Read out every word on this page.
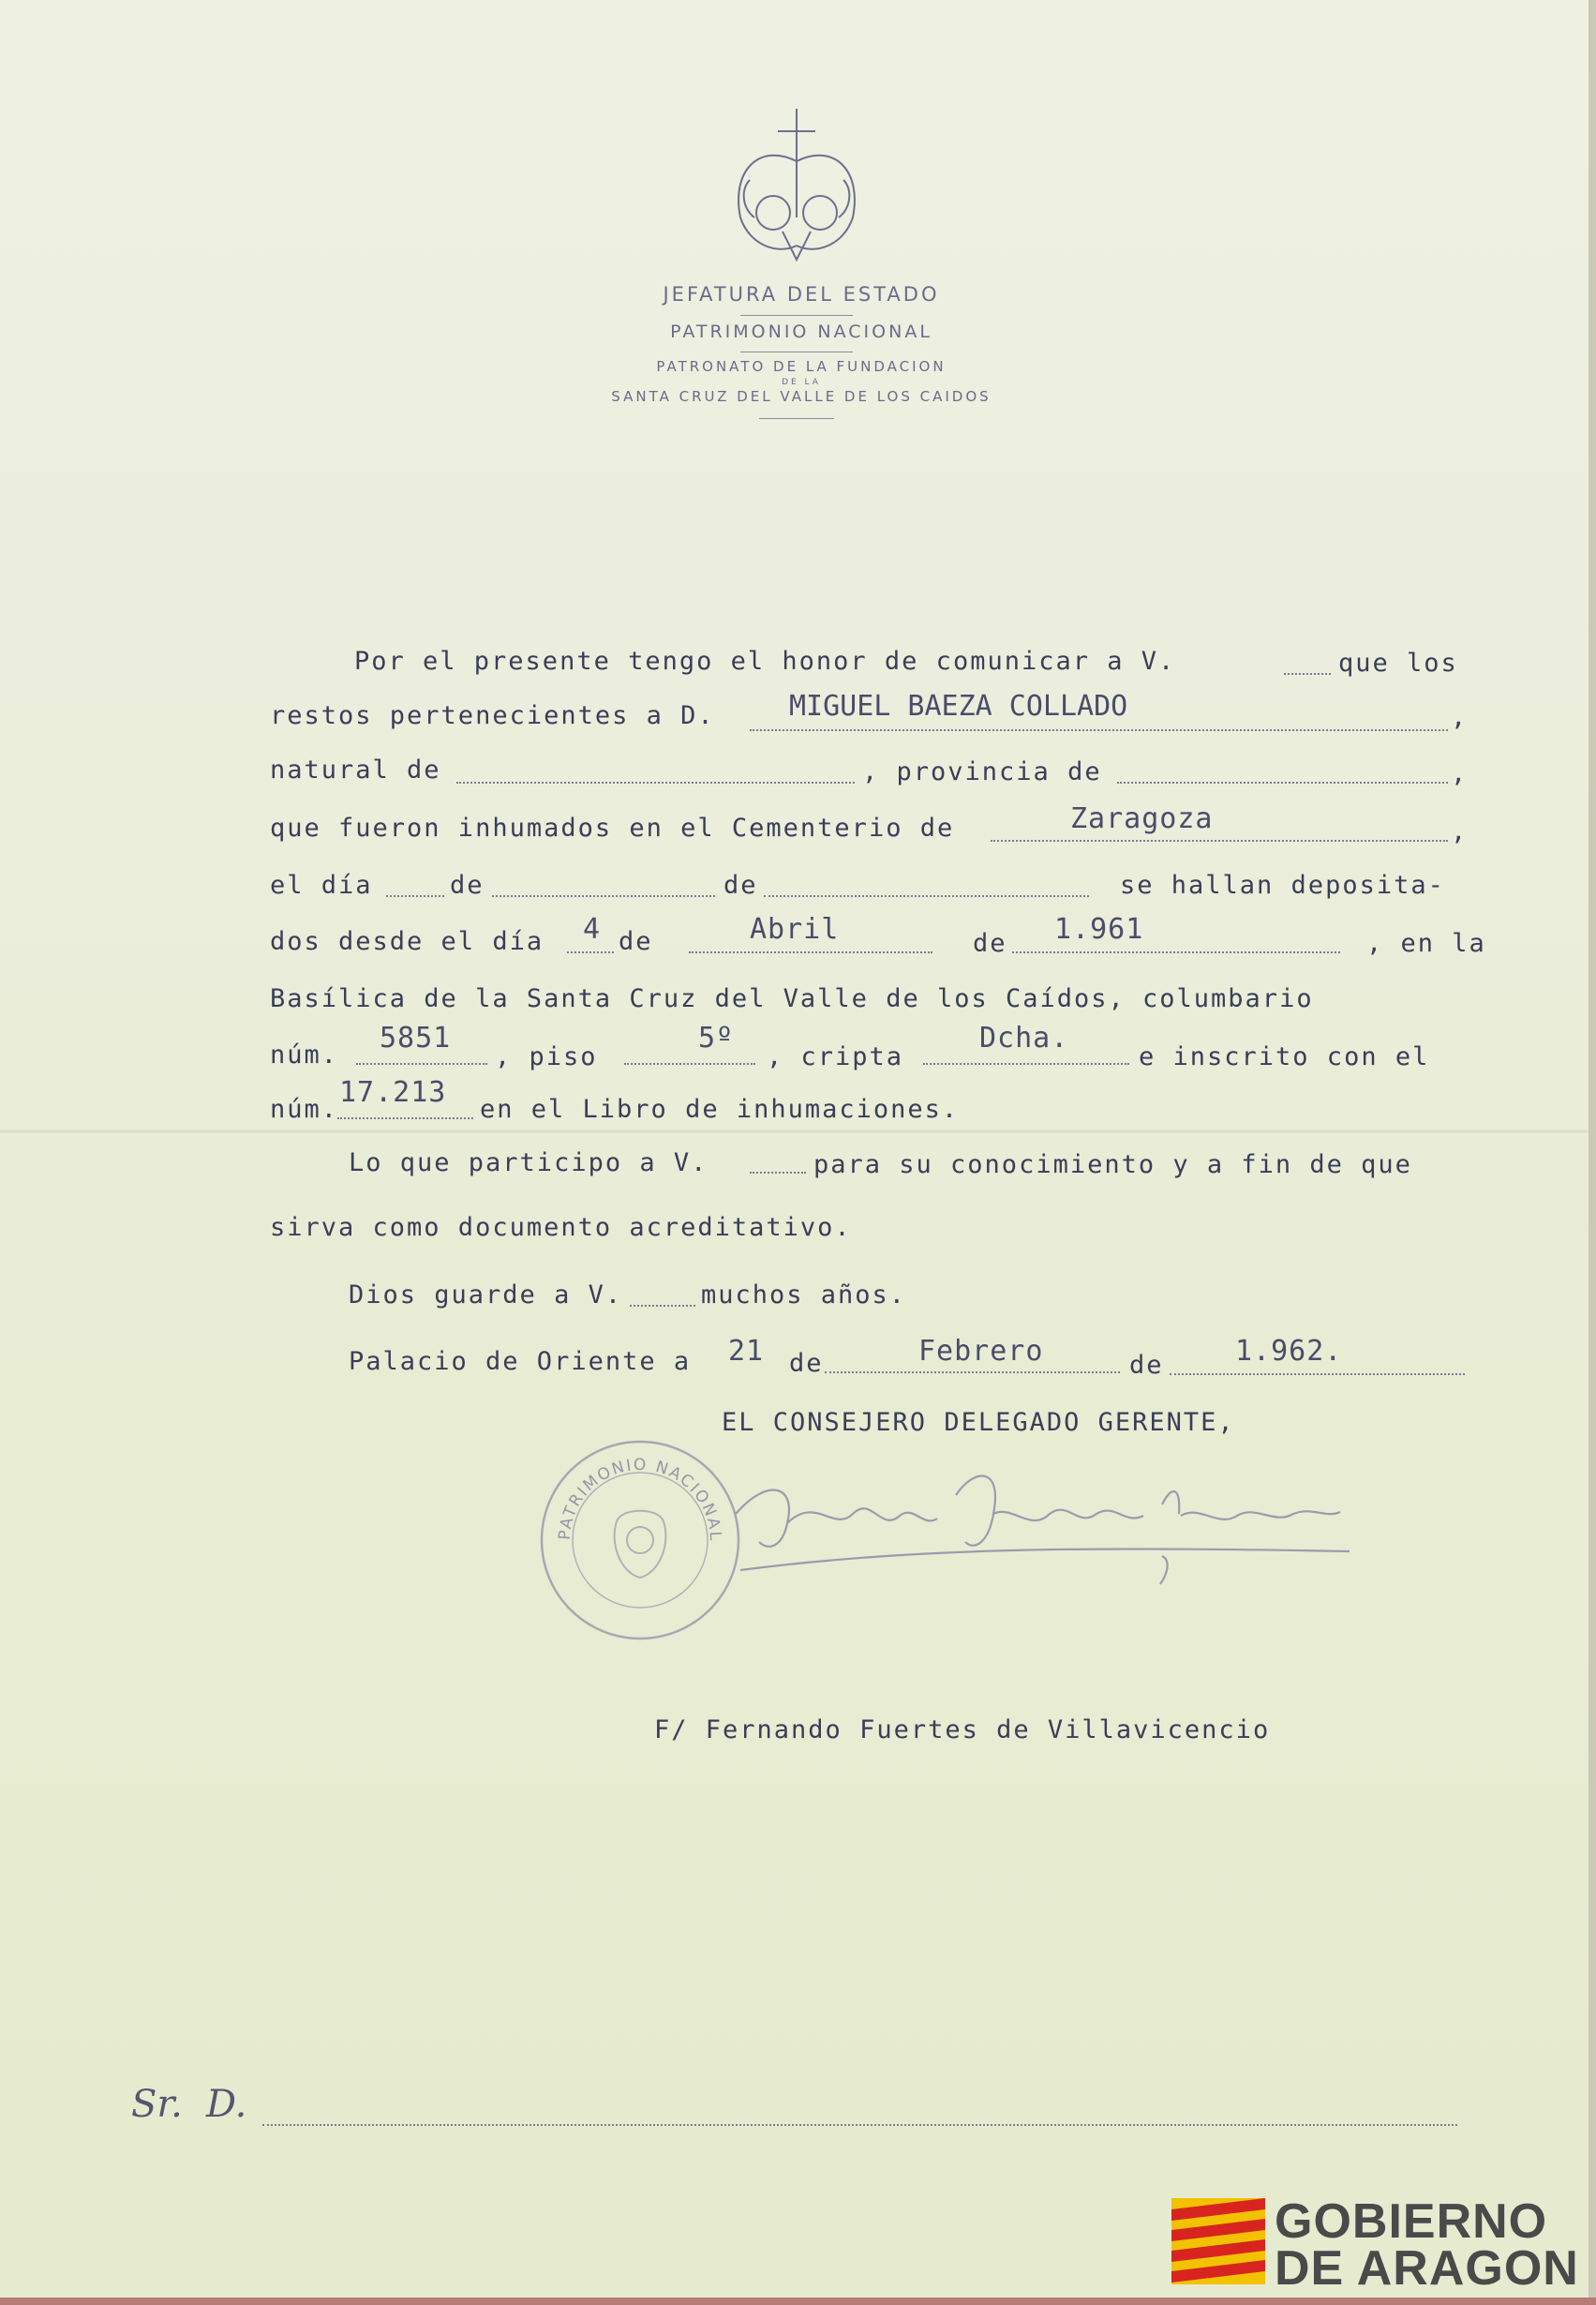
JEFATURA DEL ESTADO
PATRIMONIO NACIONAL
PATRONATO DE LA FUNDACION
DE LA
SANTA CRUZ DEL VALLE DE LOS CAIDOS
Por el presente tengo el honor de comunicar a V.	que los
restos pertenecientes a D.	MIGUEL BAEZA COLLADO	,
natural de	, provincia de	,
que fueron inhumados en el Cementerio de	Zaragoza	,
el día	de	de	se hallan deposita-
dos desde el día 4 de	Abril	de 1.961	, en la
Basílica de la Santa Cruz del Valle de los Caídos, columbario
núm.
5851
, piso
5º
, cripta
Dcha.
e inscrito con el
núm.
17.213
en el Libro de inhumaciones.
Lo que participo a V.	para su conocimiento y a fin de que
sirva como documento acreditativo.
Dios guarde a V.	muchos años.
Palacio de Oriente a 21 de	Febrero	de	1.962.
EL CONSEJERO DELEGADO GERENTE,
PATRIMONIO NACIONAL
F/ Fernando Fuertes de Villavicencio
Sr. D.
GOBIERNO
DE ARAGON
